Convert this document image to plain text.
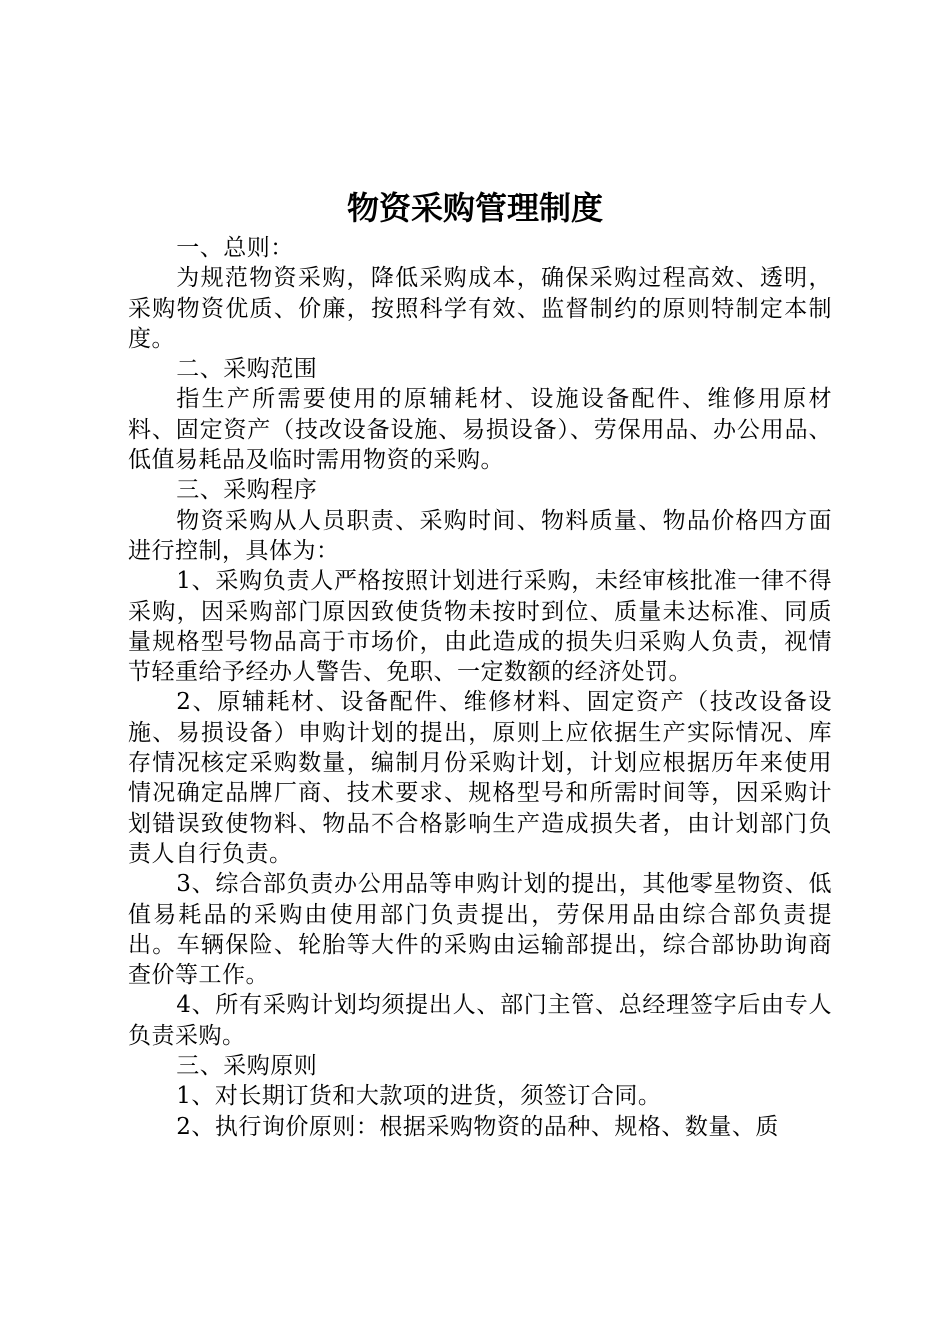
物资采购管理制度

一、总则：

为规范物资采购，降低采购成本，确保采购过程高效、透明，采购物资优质、价廉，按照科学有效、监督制约的原则特制定本制度。

二、采购范围

指生产所需要使用的原辅耗材、设施设备配件、维修用原材料、固定资产（技改设备设施、易损设备）、劳保用品、办公用品、低值易耗品及临时需用物资的采购。

三、采购程序

物资采购从人员职责、采购时间、物料质量、物品价格四方面进行控制，具体为：

1、采购负责人严格按照计划进行采购，未经审核批准一律不得采购，因采购部门原因致使货物未按时到位、质量未达标准、同质量规格型号物品高于市场价，由此造成的损失归采购人负责，视情节轻重给予经办人警告、免职、一定数额的经济处罚。

2、原辅耗材、设备配件、维修材料、固定资产（技改设备设施、易损设备）申购计划的提出，原则上应依据生产实际情况、库存情况核定采购数量，编制月份采购计划，计划应根据历年来使用情况确定品牌厂商、技术要求、规格型号和所需时间等，因采购计划错误致使物料、物品不合格影响生产造成损失者，由计划部门负责人自行负责。

3、综合部负责办公用品等申购计划的提出，其他零星物资、低值易耗品的采购由使用部门负责提出，劳保用品由综合部负责提出。车辆保险、轮胎等大件的采购由运输部提出，综合部协助询商查价等工作。

4、所有采购计划均须提出人、部门主管、总经理签字后由专人负责采购。

三、采购原则

1、对长期订货和大款项的进货，须签订合同。

2、执行询价原则：根据采购物资的品种、规格、数量、质
